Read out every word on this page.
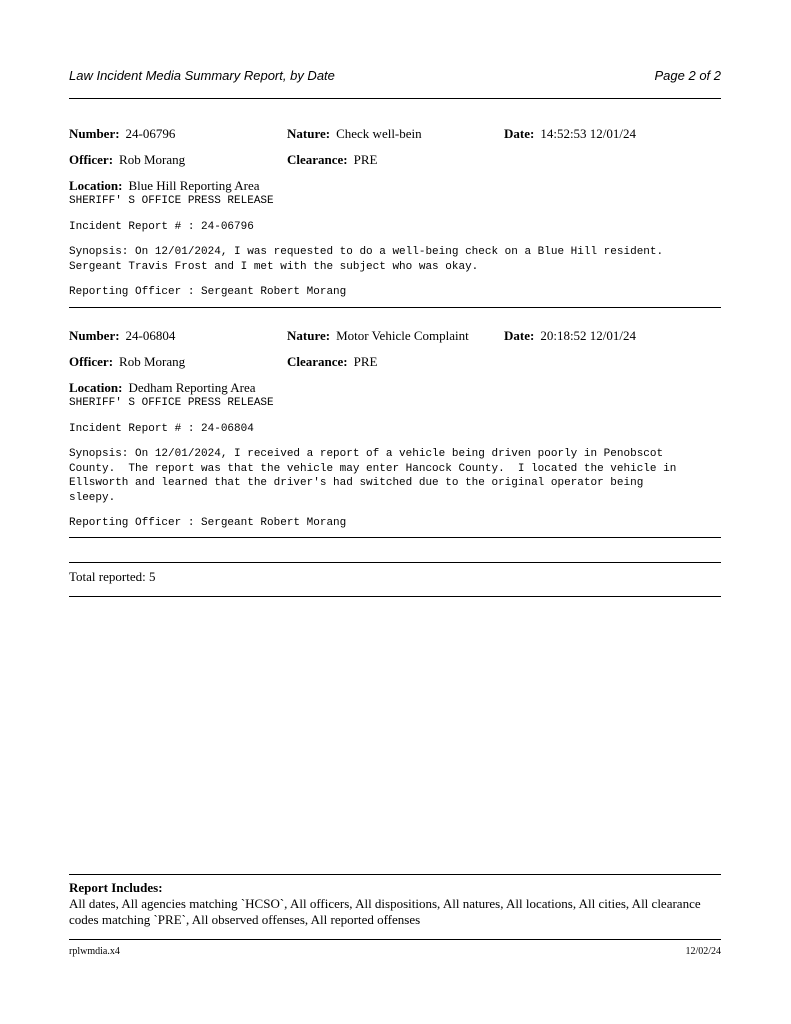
Law Incident Media Summary Report, by Date	Page 2 of 2
Number: 24-06796	Nature: Check well-bein	Date: 14:52:53 12/01/24
Officer: Rob Morang	Clearance: PRE
Location: Blue Hill Reporting Area
SHERIFF' S OFFICE PRESS RELEASE
Incident Report # : 24-06796
Synopsis: On 12/01/2024, I was requested to do a well-being check on a Blue Hill resident.
Sergeant Travis Frost and I met with the subject who was okay.
Reporting Officer : Sergeant Robert Morang
Number: 24-06804	Nature: Motor Vehicle Complaint	Date: 20:18:52 12/01/24
Officer: Rob Morang	Clearance: PRE
Location: Dedham Reporting Area
SHERIFF' S OFFICE PRESS RELEASE
Incident Report # : 24-06804
Synopsis: On 12/01/2024, I received a report of a vehicle being driven poorly in Penobscot
County.  The report was that the vehicle may enter Hancock County.  I located the vehicle in
Ellsworth and learned that the driver's had switched due to the original operator being
sleepy.
Reporting Officer : Sergeant Robert Morang
Total reported: 5
Report Includes:
All dates, All agencies matching `HCSO`, All officers, All dispositions, All natures, All locations, All cities, All clearance codes matching `PRE`, All observed offenses, All reported offenses
rplwmdia.x4	12/02/24
